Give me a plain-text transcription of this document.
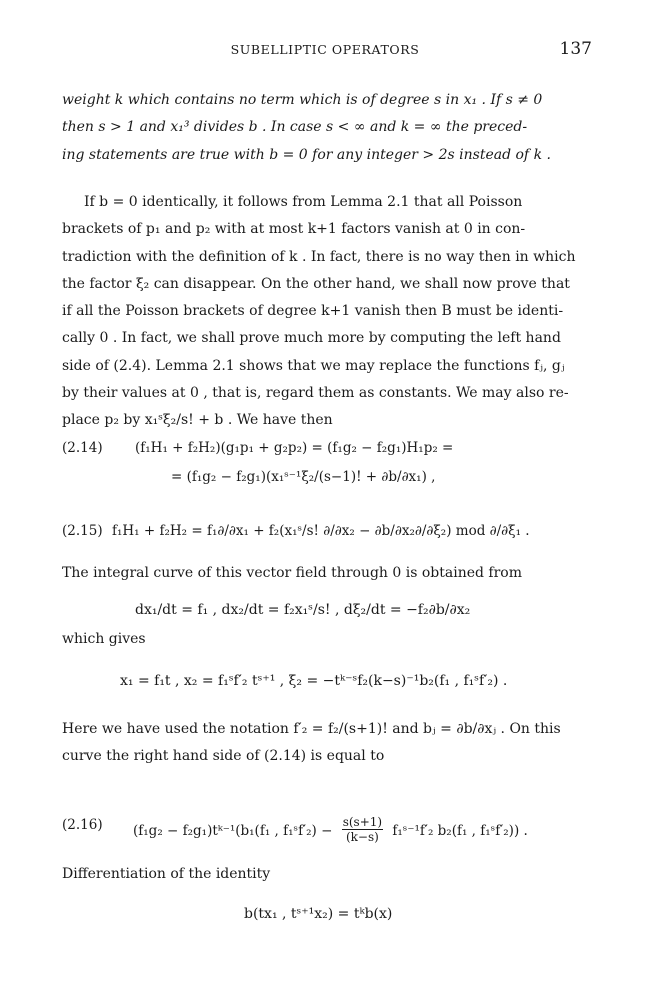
SUBELLIPTIC OPERATORS	137
weight k which contains no term which is of degree s in x₁ . If s ≠ 0
then s > 1 and x₁³ divides b . In case s < ∞ and k = ∞ the preced-
ing statements are true with b = 0 for any integer > 2s instead of k .
If b = 0 identically, it follows from Lemma 2.1 that all Poisson
brackets of p₁ and p₂ with at most k+1 factors vanish at 0 in con-
tradiction with the definition of k . In fact, there is no way then in which
the factor ξ₂ can disappear. On the other hand, we shall now prove that
if all the Poisson brackets of degree k+1 vanish then B must be identi-
cally 0 . In fact, we shall prove much more by computing the left hand
side of (2.4). Lemma 2.1 shows that we may replace the functions fⱼ, gⱼ
by their values at 0 , that is, regard them as constants. We may also re-
place p₂ by x₁ˢξ₂/s! + b . We have then
(2.14) (f₁H₁ + f₂H₂)(g₁p₁ + g₂p₂) = (f₁g₂ − f₂g₁)H₁p₂ =
= (f₁g₂ − f₂g₁)(x₁ˢ⁻¹ξ₂/(s−1)! + ∂b/∂x₁) ,
(2.15) f₁H₁ + f₂H₂ = f₁∂/∂x₁ + f₂(x₁ˢ/s! ∂/∂x₂ − ∂b/∂x₂∂/∂ξ₂) mod ∂/∂ξ₁ .
The integral curve of this vector field through 0 is obtained from
dx₁/dt = f₁ , dx₂/dt = f₂x₁ˢ/s! , dξ₂/dt = −f₂∂b/∂x₂
which gives
x₁ = f₁t , x₂ = f₁ˢf′₂ tˢ⁺¹ , ξ₂ = −tᵏ⁻ˢf₂(k−s)⁻¹b₂(f₁ , f₁ˢf′₂) .
Here we have used the notation f′₂ = f₂/(s+1)! and bⱼ = ∂b/∂xⱼ . On this
curve the right hand side of (2.14) is equal to
(2.16) (f₁g₂ − f₂g₁)tᵏ⁻¹(b₁(f₁ , f₁ˢf′₂) − $\frac{s(s+1)}{(k-s)}$ f₁ˢ⁻¹f′₂ b₂(f₁ , f₁ˢf′₂)) .
Differentiation of the identity
b(tx₁ , tˢ⁺¹x₂) = tᵏb(x)
